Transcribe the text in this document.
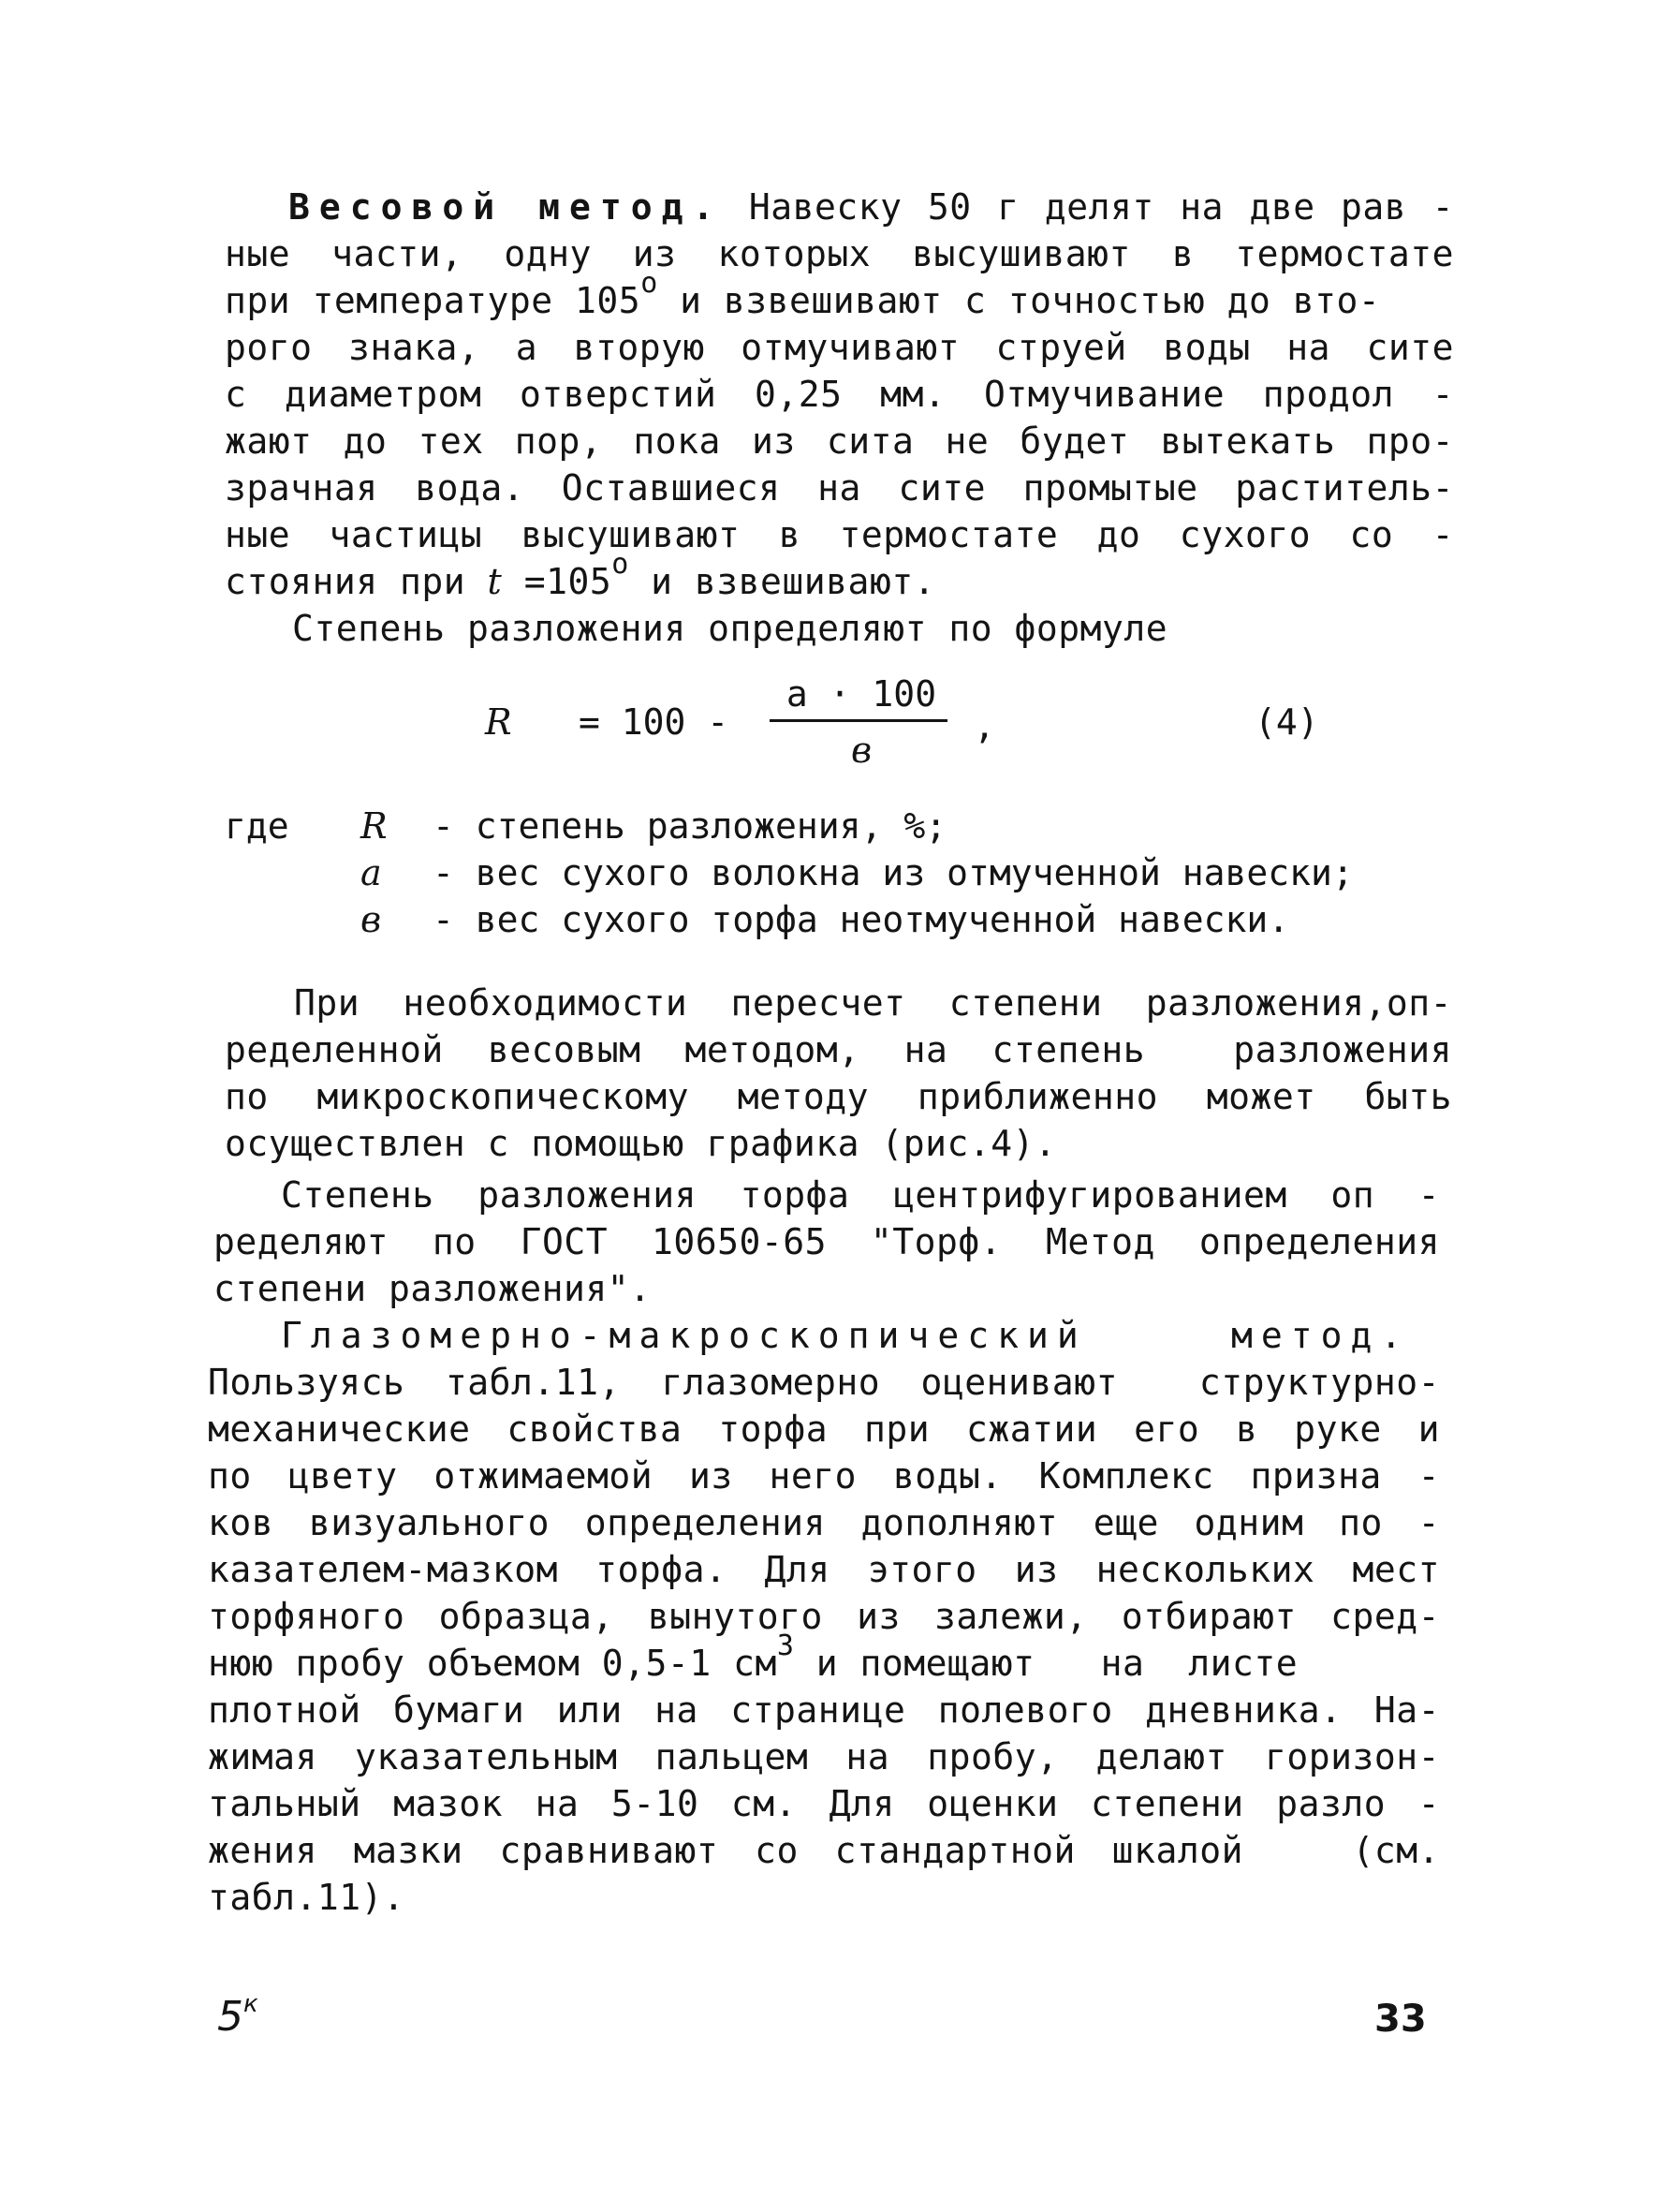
Весовой метод. Навеску 50 г делят на две рав -
ные части, одну из которых высушивают в термостате
при температуре $105^о$ и взвешивают с точностью до вто-
рого знака, а вторую отмучивают струей воды на сите
с диаметром отверстий 0,25 мм. Отмучивание продол -
жают до тех пор, пока из сита не будет вытекать про-
зрачная вода. Оставшиеся на сите промытые раститель-
ные частицы высушивают в термостате до сухого со -
стояния при $t =105^о$ и взвешивают.
Степень разложения определяют по формуле
R = 100 -
a · 100
в
,	(4)
где R - степень разложения, %;
a - вес сухого волокна из отмученной навески;
в - вес сухого торфа неотмученной навески.
При необходимости пересчет степени разложения,оп-
ределенной весовым методом, на степень  разложения
по микроскопическому методу приближенно может быть
осуществлен с помощью графика (рис.4).
Степень разложения торфа центрифугированием оп -
ределяют по ГОСТ 10650-65 "Торф. Метод определения
степени разложения".
Глазомерно-макроскопический	метод.
Пользуясь табл.11, глазомерно оценивают  структурно-
механические свойства торфа при сжатии его в руке и
по цвету отжимаемой из него воды. Комплекс призна -
ков визуального определения дополняют еще одним по -
казателем-мазком торфа. Для этого из нескольких мест
торфяного образца, вынутого из залежи, отбирают сред-
нюю пробу объемом 0,5-1 $см^3$ и помещают   на  листе
плотной бумаги или на странице полевого дневника. На-
жимая указательным пальцем на пробу, делают горизон-
тальный мазок на 5-10 см. Для оценки степени разло -
жения мазки сравнивают со стандартной шкалой   (см.
табл.11).
$5^к$	33
